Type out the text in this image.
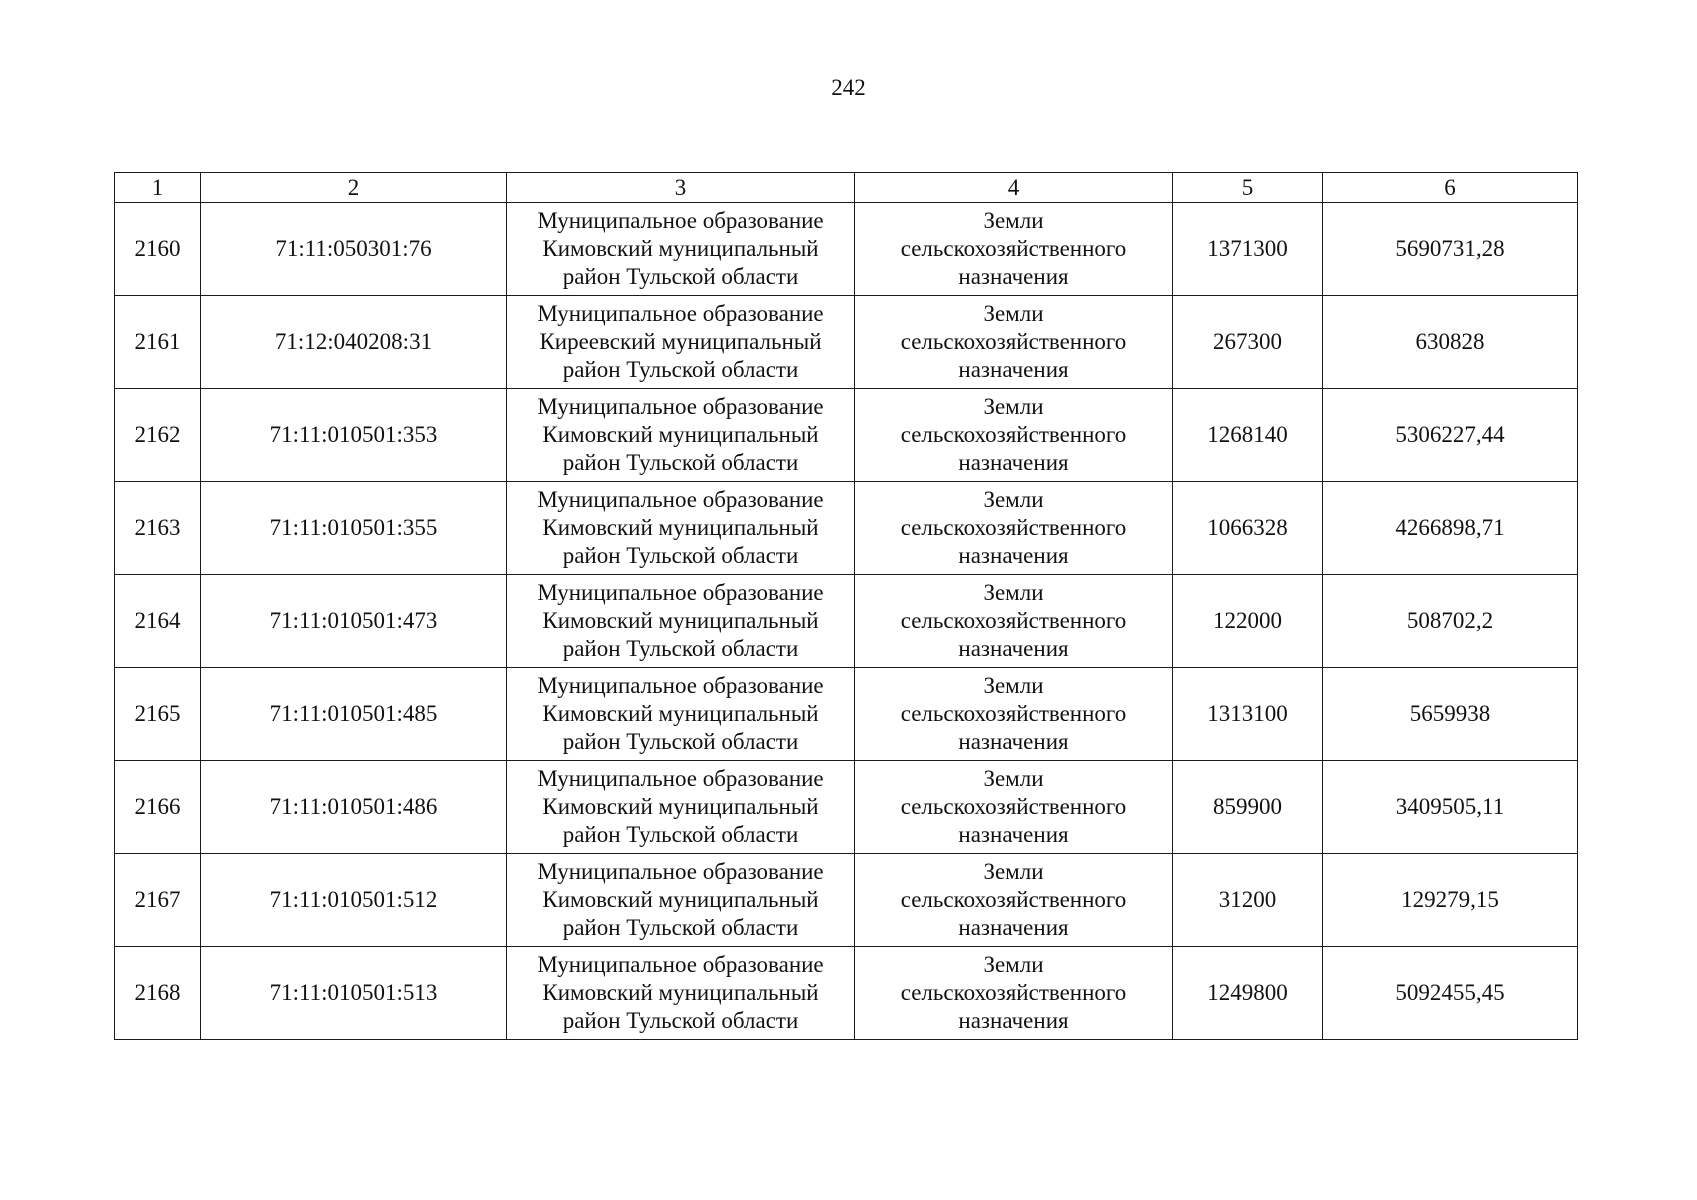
242
1	2	3	4	5	6
2160	71:11:050301:76	Муниципальное образование
Кимовский муниципальный
район Тульской области	Земли
сельскохозяйственного
назначения	1371300	5690731,28
2161	71:12:040208:31	Муниципальное образование
Киреевский муниципальный
район Тульской области	Земли
сельскохозяйственного
назначения	267300	630828
2162	71:11:010501:353	Муниципальное образование
Кимовский муниципальный
район Тульской области	Земли
сельскохозяйственного
назначения	1268140	5306227,44
2163	71:11:010501:355	Муниципальное образование
Кимовский муниципальный
район Тульской области	Земли
сельскохозяйственного
назначения	1066328	4266898,71
2164	71:11:010501:473	Муниципальное образование
Кимовский муниципальный
район Тульской области	Земли
сельскохозяйственного
назначения	122000	508702,2
2165	71:11:010501:485	Муниципальное образование
Кимовский муниципальный
район Тульской области	Земли
сельскохозяйственного
назначения	1313100	5659938
2166	71:11:010501:486	Муниципальное образование
Кимовский муниципальный
район Тульской области	Земли
сельскохозяйственного
назначения	859900	3409505,11
2167	71:11:010501:512	Муниципальное образование
Кимовский муниципальный
район Тульской области	Земли
сельскохозяйственного
назначения	31200	129279,15
2168	71:11:010501:513	Муниципальное образование
Кимовский муниципальный
район Тульской области	Земли
сельскохозяйственного
назначения	1249800	5092455,45
